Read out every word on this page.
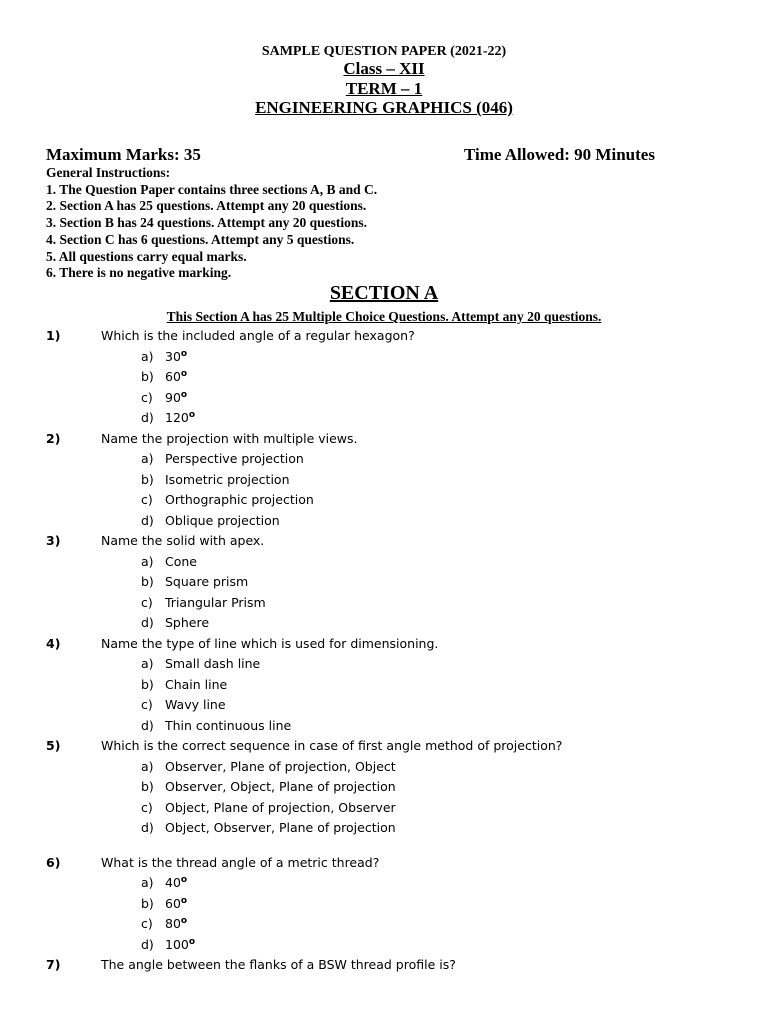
SAMPLE QUESTION PAPER (2021-22)
Class – XII
TERM – 1
ENGINEERING GRAPHICS (046)
Maximum Marks: 35	Time Allowed: 90 Minutes
General Instructions:
1. The Question Paper contains three sections A, B and C.
2. Section A has 25 questions. Attempt any 20 questions.
3. Section B has 24 questions. Attempt any 20 questions.
4. Section C has 6 questions. Attempt any 5 questions.
5. All questions carry equal marks.
6. There is no negative marking.
SECTION A
This Section A has 25 Multiple Choice Questions. Attempt any 20 questions.
1)	Which is the included angle of a regular hexagon?
a) 30$^o$
b) 60$^o$
c) 90$^o$
d) 120$^o$
2)	Name the projection with multiple views.
a) Perspective projection
b) Isometric projection
c) Orthographic projection
d) Oblique projection
3)	Name the solid with apex.
a) Cone
b) Square prism
c) Triangular Prism
d) Sphere
4)	Name the type of line which is used for dimensioning.
a) Small dash line
b) Chain line
c) Wavy line
d) Thin continuous line
5)	Which is the correct sequence in case of first angle method of projection?
a) Observer, Plane of projection, Object
b) Observer, Object, Plane of projection
c) Object, Plane of projection, Observer
d) Object, Observer, Plane of projection
6)	What is the thread angle of a metric thread?
a) 40$^o$
b) 60$^o$
c) 80$^o$
d) 100$^o$
7)	The angle between the flanks of a BSW thread profile is?
